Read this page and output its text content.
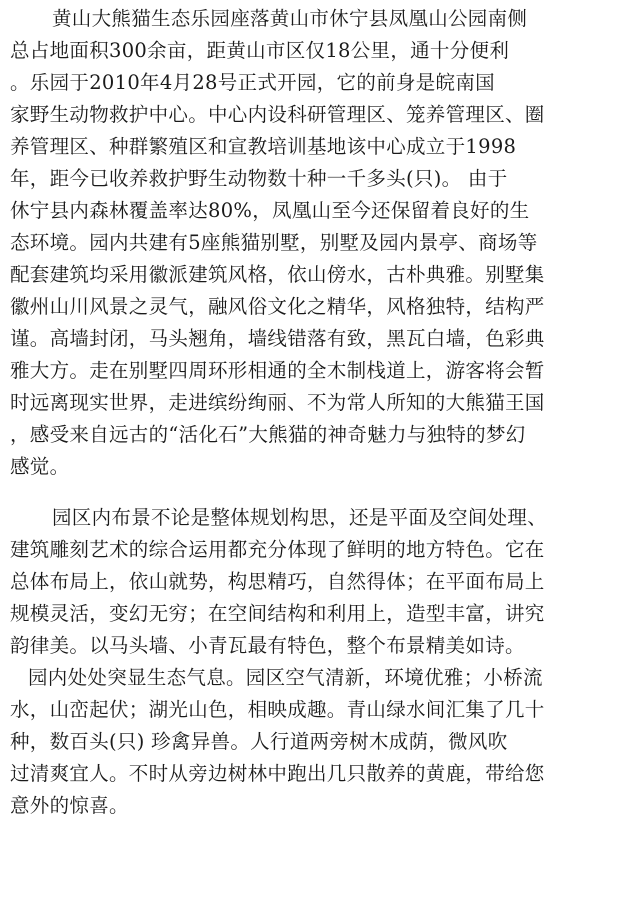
黄山大熊猫生态乐园座落黄山市休宁县凤凰山公园南侧
总占地面积300余亩，距黄山市区仅18公里，通十分便利
。乐园于2010年4月28号正式开园，它的前身是皖南国
家野生动物救护中心。中心内设科研管理区、笼养管理区、圈
养管理区、种群繁殖区和宣教培训基地该中心成立于1998
年，距今已收养救护野生动物数十种一千多头(只)。 由于
休宁县内森林覆盖率达80%，凤凰山至今还保留着良好的生
态环境。园内共建有5座熊猫别墅，别墅及园内景亭、商场等
配套建筑均采用徽派建筑风格，依山傍水，古朴典雅。别墅集
徽州山川风景之灵气，融风俗文化之精华，风格独特，结构严
谨。高墙封闭，马头翘角，墙线错落有致，黑瓦白墙，色彩典
雅大方。走在别墅四周环形相通的全木制栈道上，游客将会暂
时远离现实世界，走进缤纷绚丽、不为常人所知的大熊猫王国
，感受来自远古的“活化石”大熊猫的神奇魅力与独特的梦幻
感觉。
园区内布景不论是整体规划构思，还是平面及空间处理、
建筑雕刻艺术的综合运用都充分体现了鲜明的地方特色。它在
总体布局上，依山就势，构思精巧，自然得体；在平面布局上
规模灵活，变幻无穷；在空间结构和利用上，造型丰富，讲究
韵律美。以马头墙、小青瓦最有特色，整个布景精美如诗。
园内处处突显生态气息。园区空气清新，环境优雅；小桥流
水，山峦起伏；湖光山色，相映成趣。青山绿水间汇集了几十
种，数百头(只) 珍禽异兽。人行道两旁树木成荫，微风吹
过清爽宜人。不时从旁边树林中跑出几只散养的黄鹿，带给您
意外的惊喜。
